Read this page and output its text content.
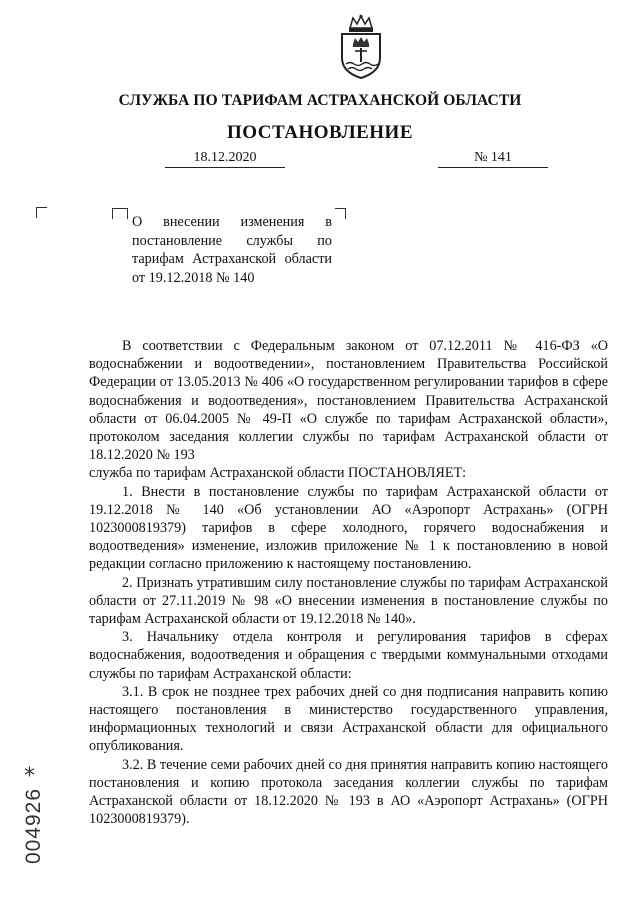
СЛУЖБА ПО ТАРИФАМ АСТРАХАНСКОЙ ОБЛАСТИ
ПОСТАНОВЛЕНИЕ
18.12.2020	№ 141
О внесении изменения в постановление службы по тарифам Астраханской области от 19.12.2018 № 140

В соответствии с Федеральным законом от 07.12.2011 № 416-ФЗ «О водоснабжении и водоотведении», постановлением Правительства Российской Федерации от 13.05.2013 № 406 «О государственном регулировании тарифов в сфере водоснабжения и водоотведения», постановлением Правительства Астраханской области от 06.04.2005 № 49-П «О службе по тарифам Астраханской области», протоколом заседания коллегии службы по тарифам Астраханской области от 18.12.2020 № 193

служба по тарифам Астраханской области ПОСТАНОВЛЯЕТ:

1. Внести в постановление службы по тарифам Астраханской области от 19.12.2018 № 140 «Об установлении АО «Аэропорт Астрахань» (ОГРН 1023000819379) тарифов в сфере холодного, горячего водоснабжения и водоотведения» изменение, изложив приложение № 1 к постановлению в новой редакции согласно приложению к настоящему постановлению.

2. Признать утратившим силу постановление службы по тарифам Астраханской области от 27.11.2019 № 98 «О внесении изменения в постановление службы по тарифам Астраханской области от 19.12.2018 № 140».

3. Начальнику отдела контроля и регулирования тарифов в сферах водоснабжения, водоотведения и обращения с твердыми коммунальными отходами службы по тарифам Астраханской области:

3.1. В срок не позднее трех рабочих дней со дня подписания направить копию настоящего постановления в министерство государственного управления, информационных технологий и связи Астраханской области для официального опубликования.

3.2. В течение семи рабочих дней со дня принятия направить копию настоящего постановления и копию протокола заседания коллегии службы по тарифам Астраханской области от 18.12.2020 № 193 в АО «Аэропорт Астрахань» (ОГРН 1023000819379).

*
004926
